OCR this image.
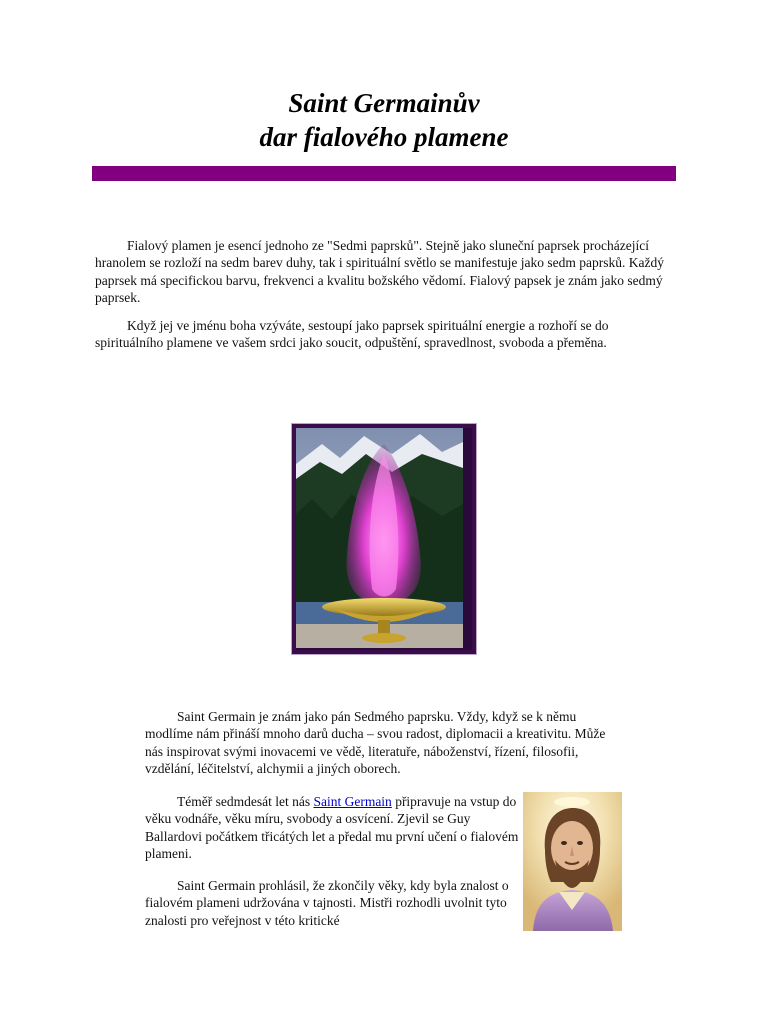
Saint Germainův
dar fialového plamene

Fialový plamen je esencí jednoho ze "Sedmi paprsků". Stejně jako sluneční paprsek procházející hranolem se rozloží na sedm barev duhy, tak i spirituální světlo se manifestuje jako sedm paprsků. Každý paprsek má specifickou barvu, frekvenci a kvalitu božského vědomí. Fialový papsek je znám jako sedmý paprsek.

Když jej ve jménu boha vzýváte, sestoupí jako paprsek spirituální energie a rozhoří se do spirituálního plamene ve vašem srdci jako soucit, odpuštění, spravedlnost, svoboda a přeměna.

Saint Germain je znám jako pán Sedmého paprsku. Vždy, když se k němu modlíme nám přináší mnoho darů ducha – svou radost, diplomacii a kreativitu. Může nás inspirovat svými inovacemi ve vědě, literatuře, náboženství, řízení, filosofii, vzdělání, léčitelství, alchymii a jiných oborech.

Téměř sedmdesát let nás Saint Germain připravuje na vstup do věku vodnáře, věku míru, svobody a osvícení. Zjevil se Guy Ballardovi počátkem třicátých let a předal mu první učení o fialovém plameni.

Saint Germain prohlásil, že zkončily věky, kdy byla znalost o fialovém plameni udržována v tajnosti. Mistři rozhodli uvolnit tyto znalosti pro veřejnost v této kritické
